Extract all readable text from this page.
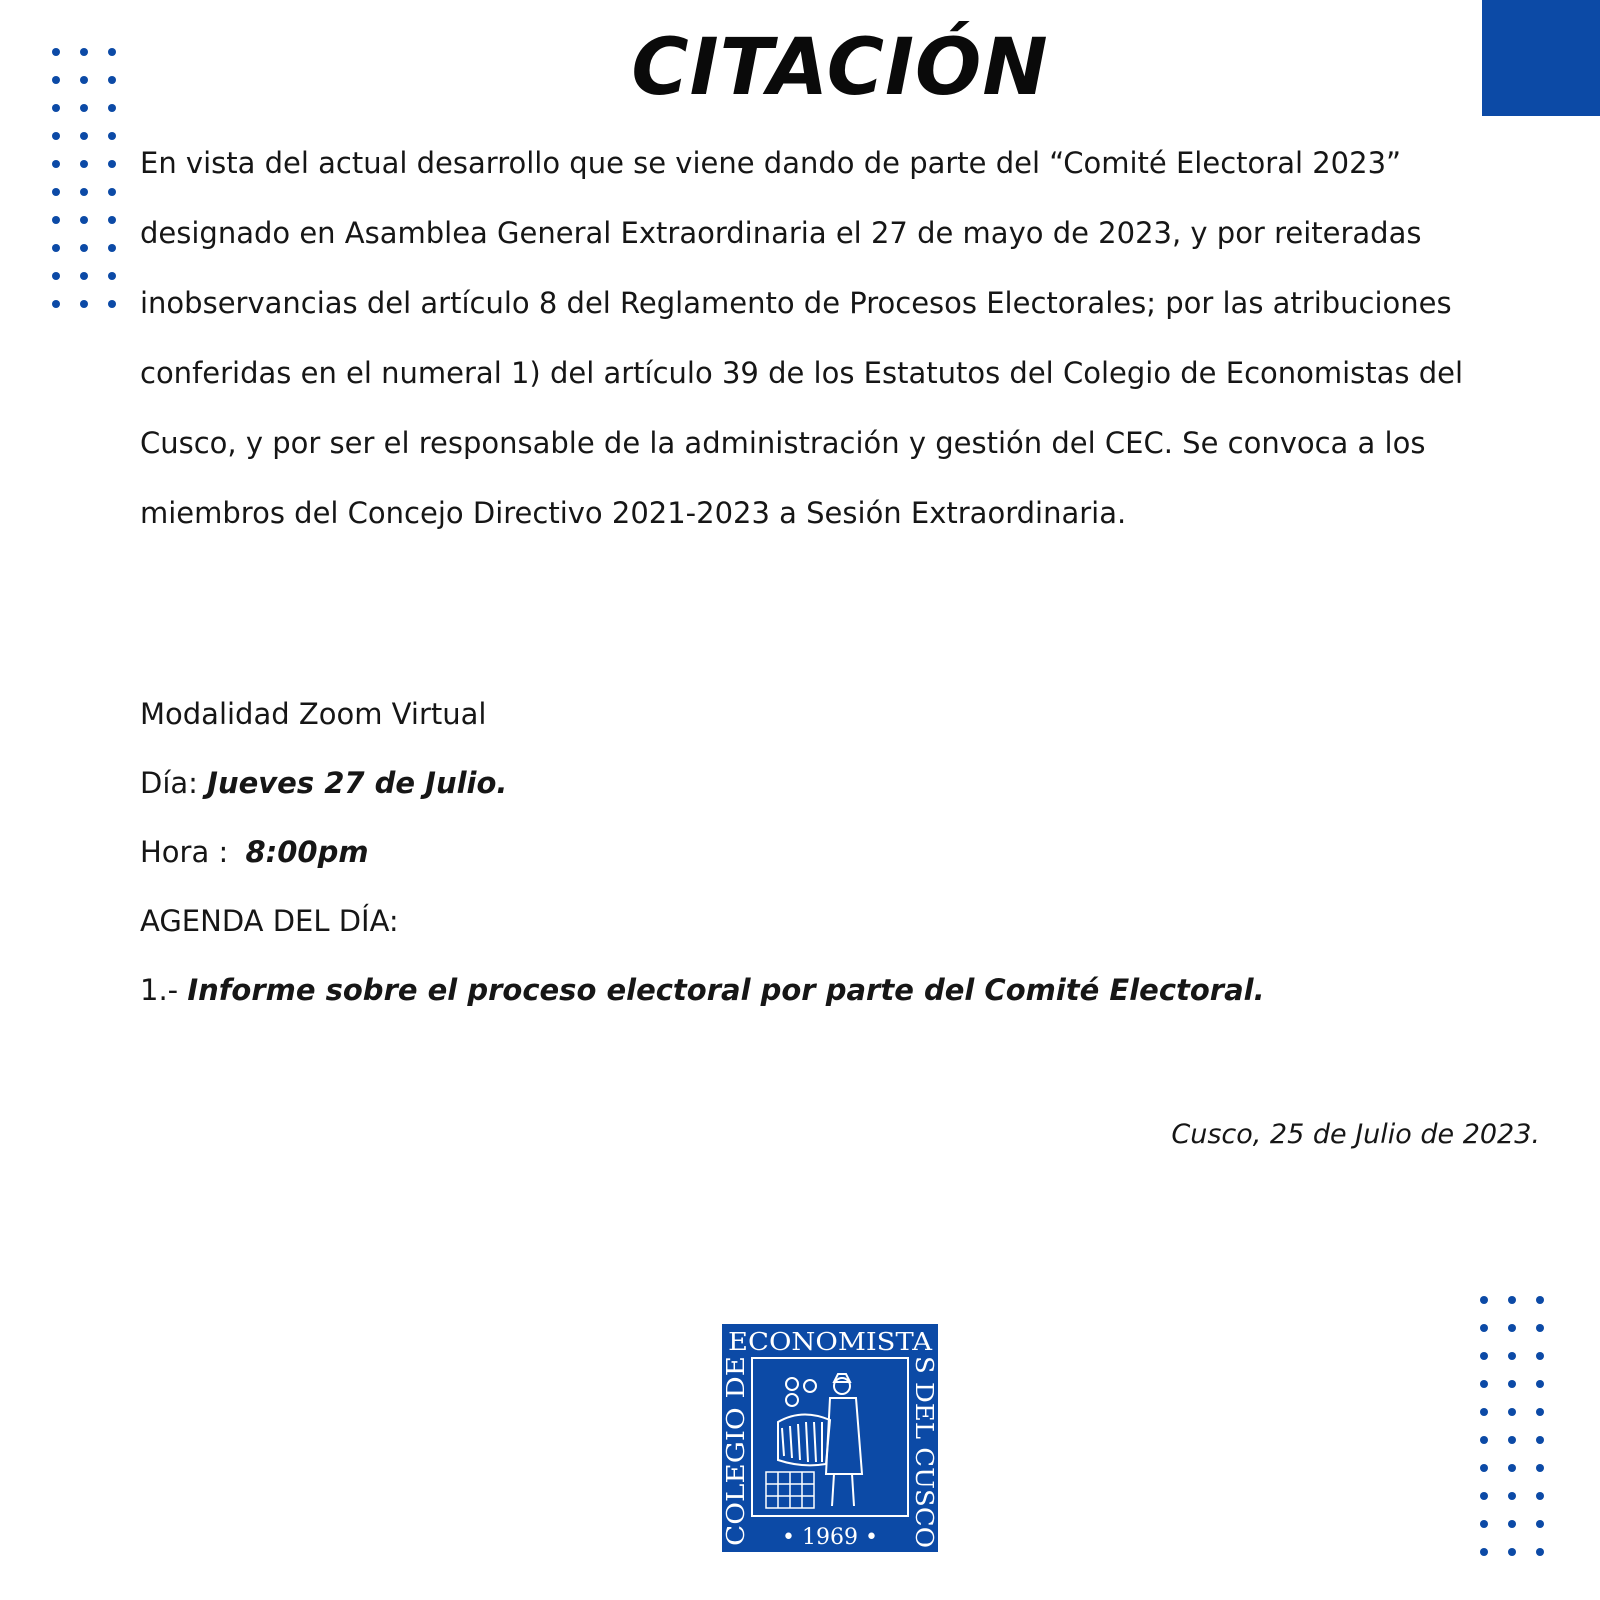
CITACIÓN

En vista del actual desarrollo que se viene dando de parte del “Comité Electoral 2023” designado en Asamblea General Extraordinaria el 27 de mayo de 2023, y por reiteradas inobservancias del artículo 8 del Reglamento de Procesos Electorales; por las atribuciones conferidas en el numeral 1) del artículo 39 de los Estatutos del Colegio de Economistas del Cusco, y por ser el responsable de la administración y gestión del CEC. Se convoca a los miembros del Concejo Directivo 2021-2023 a Sesión Extraordinaria.

Modalidad Zoom Virtual
Día: Jueves 27 de Julio.
Hora : 8:00pm
AGENDA DEL DÍA:
1.- Informe sobre el proceso electoral por parte del Comité Electoral.
Cusco, 25 de Julio de 2023.
ECONOMISTA
COLEGIO DE	S DEL CUSCO
• 1969 •
